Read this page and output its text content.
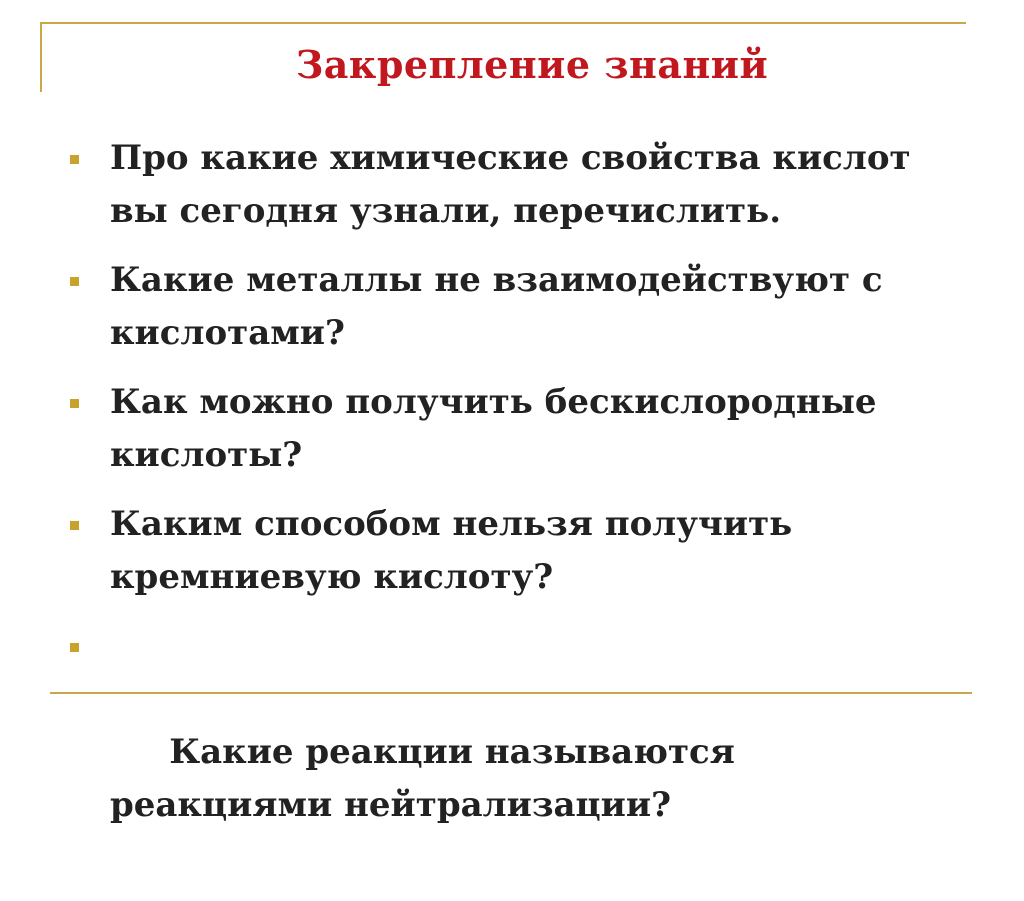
Закрепление знаний
Про какие химические свойства кислот вы сегодня узнали, перечислить.
Какие металлы не взаимодействуют с кислотами?
Как можно получить бескислородные кислоты?
Каким способом нельзя получить кремниевую кислоту?

Какие реакции называются реакциями нейтрализации?
